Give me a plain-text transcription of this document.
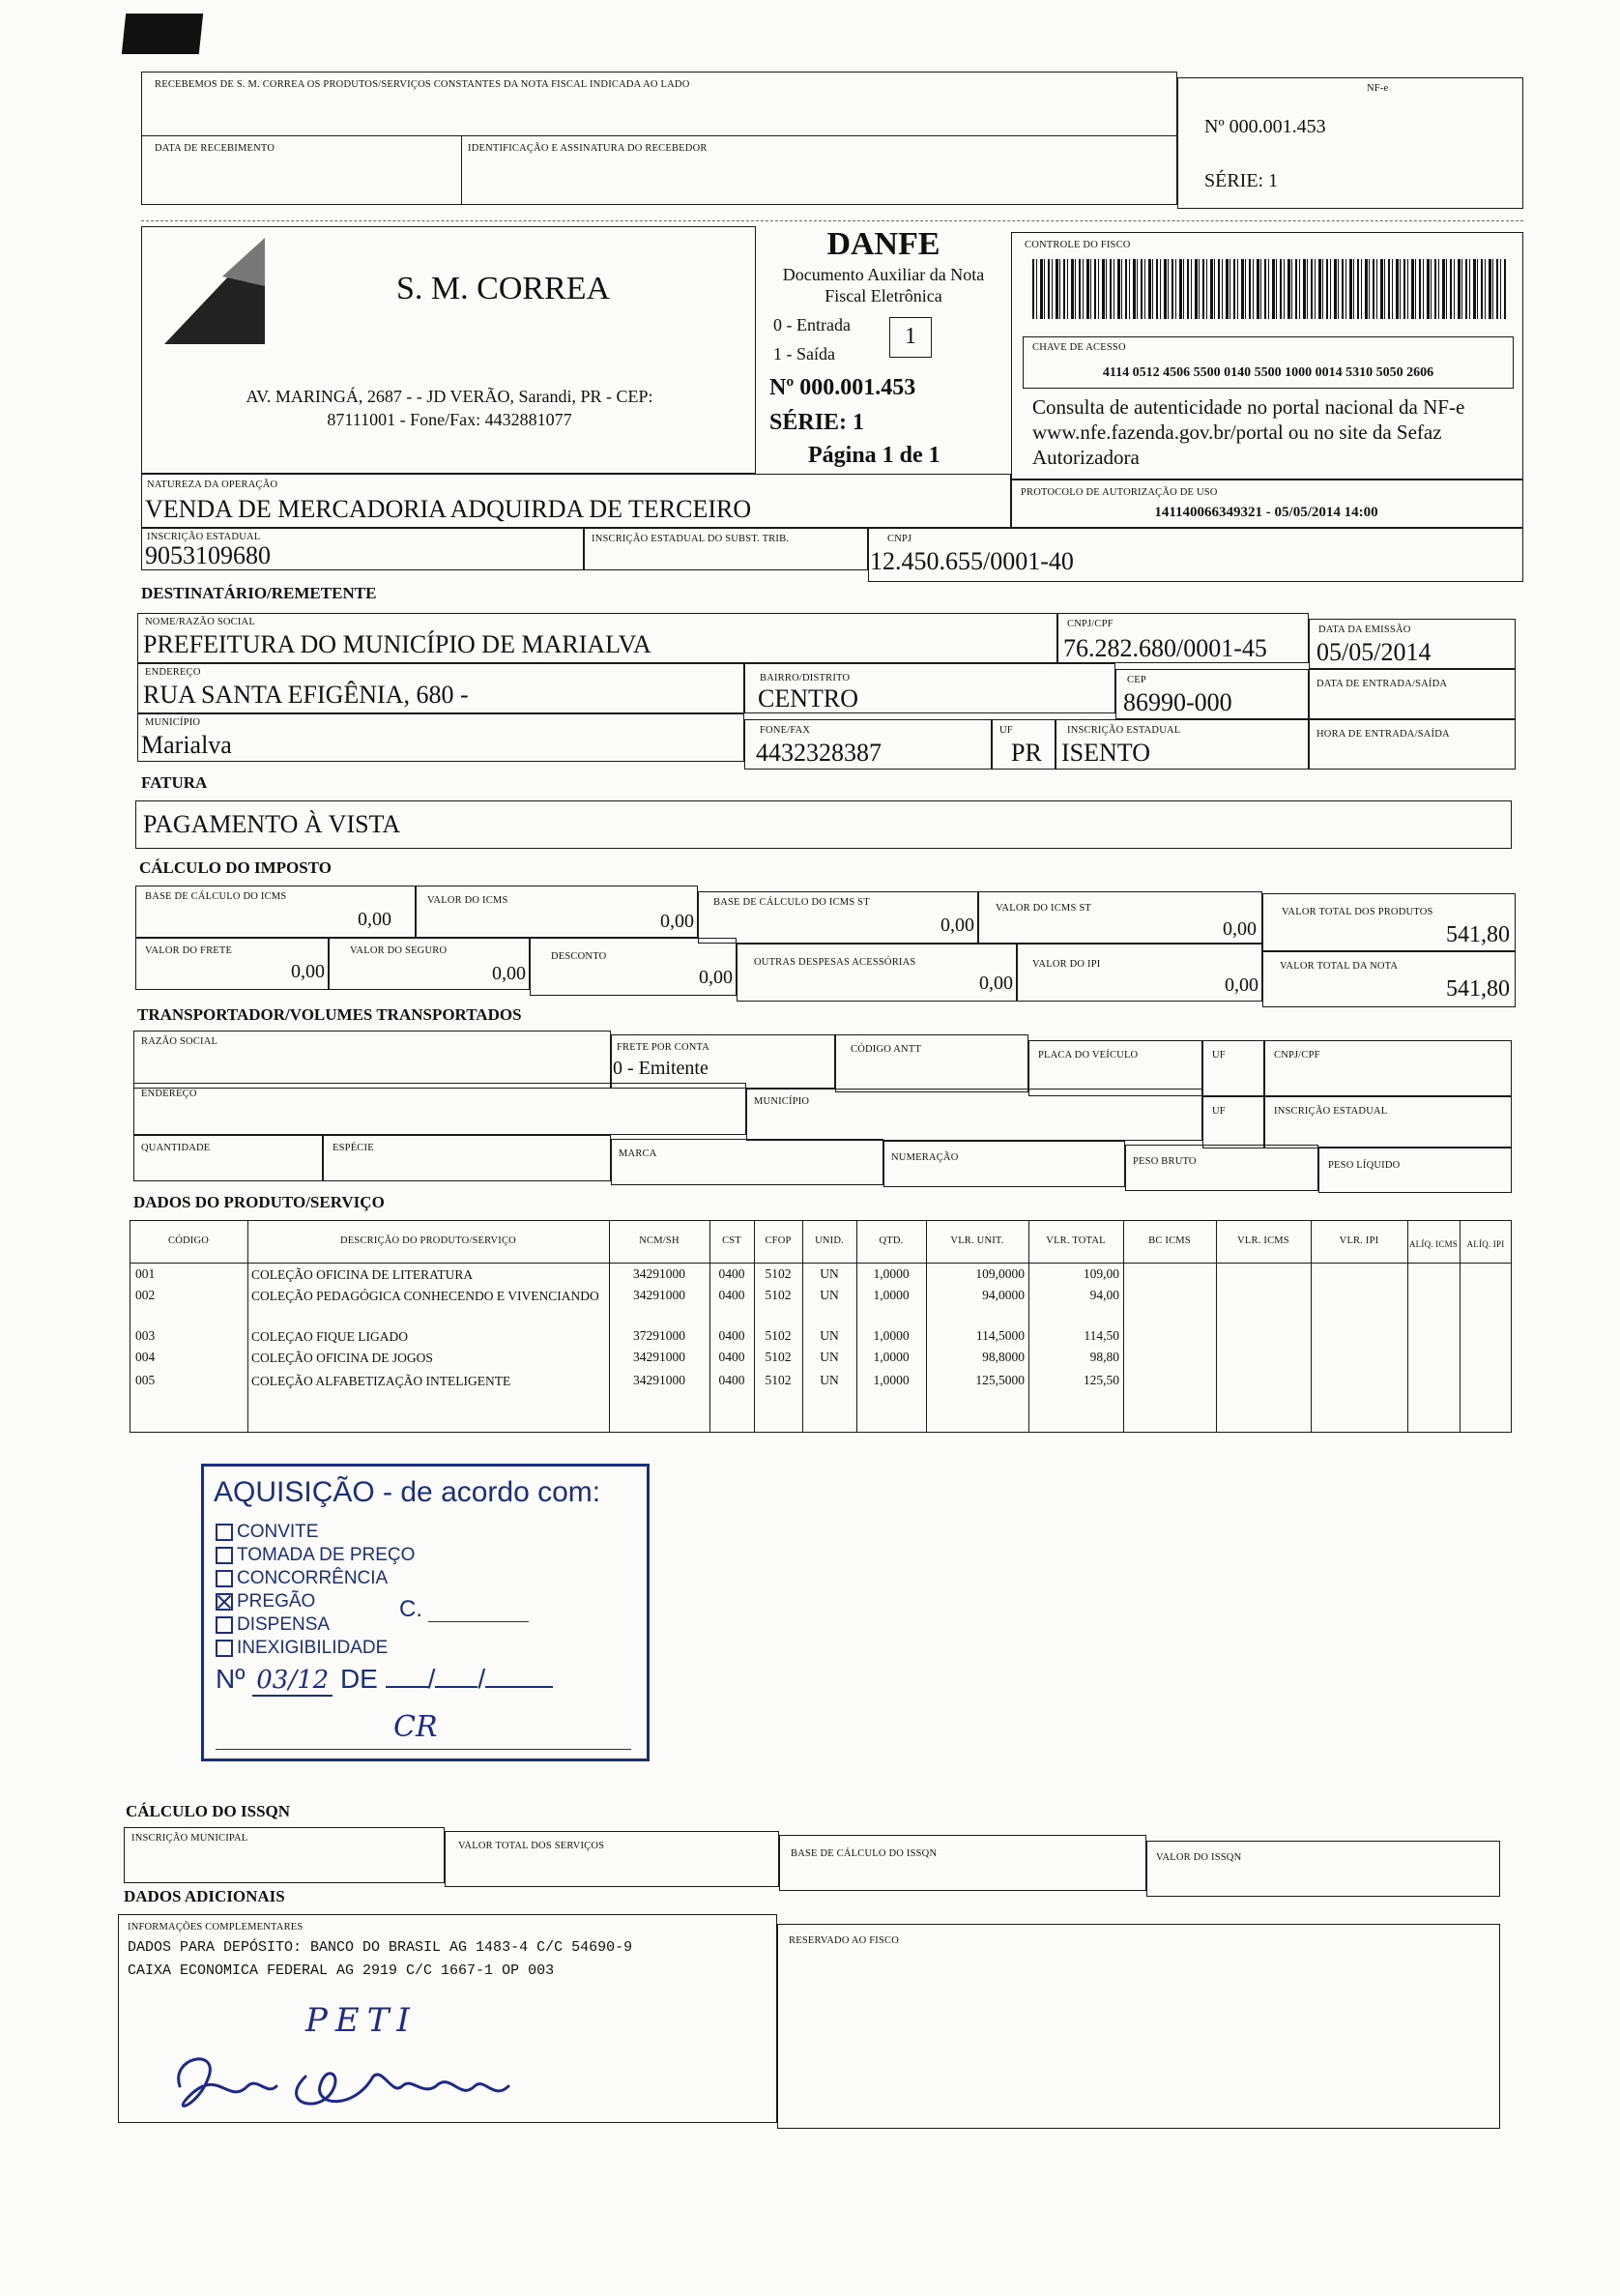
RECEBEMOS DE S. M. CORREA OS PRODUTOS/SERVIÇOS CONSTANTES DA NOTA FISCAL INDICADA AO LADO
DATA DE RECEBIMENTO	IDENTIFICAÇÃO E ASSINATURA DO RECEBEDOR
NF-e
Nº 000.001.453
SÉRIE: 1
S. M. CORREA
AV. MARINGÁ, 2687 - - JD VERÃO, Sarandi, PR - CEP:
87111001 - Fone/Fax: 4432881077
DANFE
Documento Auxiliar da Nota
Fiscal Eletrônica
0 - Entrada
1 - Saída
1
Nº 000.001.453
SÉRIE: 1
Página 1 de 1
CONTROLE DO FISCO
CHAVE DE ACESSO
4114 0512 4506 5500 0140 5500 1000 0014 5310 5050 2606
Consulta de autenticidade no portal nacional da NF-e www.nfe.fazenda.gov.br/portal ou no site da Sefaz Autorizadora
PROTOCOLO DE AUTORIZAÇÃO DE USO
141140066349321 - 05/05/2014 14:00
NATUREZA DA OPERAÇÃO
VENDA DE MERCADORIA ADQUIRDA DE TERCEIRO
INSCRIÇÃO ESTADUAL
9053109680
INSCRIÇÃO ESTADUAL DO SUBST. TRIB.	CNPJ
12.450.655/0001-40
DESTINATÁRIO/REMETENTE
NOME/RAZÃO SOCIAL
PREFEITURA DO MUNICÍPIO DE MARIALVA
CNPJ/CPF
76.282.680/0001-45
DATA DA EMISSÃO
05/05/2014
ENDEREÇO
RUA SANTA EFIGÊNIA, 680 -
BAIRRO/DISTRITO
CENTRO
CEP
86990-000
DATA DE ENTRADA/SAÍDA
MUNICÍPIO
Marialva
FONE/FAX
4432328387
UF
PR
INSCRIÇÃO ESTADUAL
ISENTO
HORA DE ENTRADA/SAÍDA
FATURA
PAGAMENTO À VISTA
CÁLCULO DO IMPOSTO
BASE DE CÁLCULO DO ICMS
0,00
VALOR DO ICMS
0,00
BASE DE CÁLCULO DO ICMS ST
0,00
VALOR DO ICMS ST
0,00
VALOR TOTAL DOS PRODUTOS
541,80
VALOR DO FRETE
0,00
VALOR DO SEGURO
0,00
DESCONTO
0,00
OUTRAS DESPESAS ACESSÓRIAS
0,00
VALOR DO IPI
0,00
VALOR TOTAL DA NOTA
541,80
TRANSPORTADOR/VOLUMES TRANSPORTADOS
RAZÃO SOCIAL
FRETE POR CONTA
0 - Emitente
CÓDIGO ANTT
PLACA DO VEÍCULO	UF	CNPJ/CPF
ENDEREÇO
MUNICÍPIO
UF	INSCRIÇÃO ESTADUAL
QUANTIDADE	ESPÉCIE
MARCA	NUMERAÇÃO	PESO BRUTO	PESO LÍQUIDO
DADOS DO PRODUTO/SERVIÇO
CÓDIGO	DESCRIÇÃO DO PRODUTO/SERVIÇO	NCM/SH	CST	CFOP	UNID.	QTD.	VLR. UNIT.	VLR. TOTAL	BC ICMS	VLR. ICMS	VLR. IPI	ALÍQ. ICMS	ALÍQ. IPI
001	COLEÇÃO OFICINA DE LITERATURA	34291000	0400	5102	UN	1,0000	109,0000	109,00
002	COLEÇÃO PEDAGÓGICA CONHECENDO E VIVENCIANDO	34291000	0400	5102	UN	1,0000	94,0000	94,00
003	COLEÇAO FIQUE LIGADO	37291000	0400	5102	UN	1,0000	114,5000	114,50
004	COLEÇÃO OFICINA DE JOGOS	34291000	0400	5102	UN	1,0000	98,8000	98,80
005	COLEÇÃO ALFABETIZAÇÃO INTELIGENTE	34291000	0400	5102	UN	1,0000	125,5000	125,50
AQUISIÇÃO - de acordo com:
CONVITE
TOMADA DE PREÇO
CONCORRÊNCIA
PREGÃO
DISPENSA
INEXIGIBILIDADE
C.
Nº 03/12 DE / /
CR
CÁLCULO DO ISSQN
INSCRIÇÃO MUNICIPAL
VALOR TOTAL DOS SERVIÇOS
BASE DE CÁLCULO DO ISSQN	VALOR DO ISSQN
DADOS ADICIONAIS
INFORMAÇÕES COMPLEMENTARES
DADOS PARA DEPÓSITO: BANCO DO BRASIL AG 1483-4 C/C 54690-9
CAIXA ECONOMICA FEDERAL AG 2919 C/C 1667-1 OP 003
PETI
RESERVADO AO FISCO
